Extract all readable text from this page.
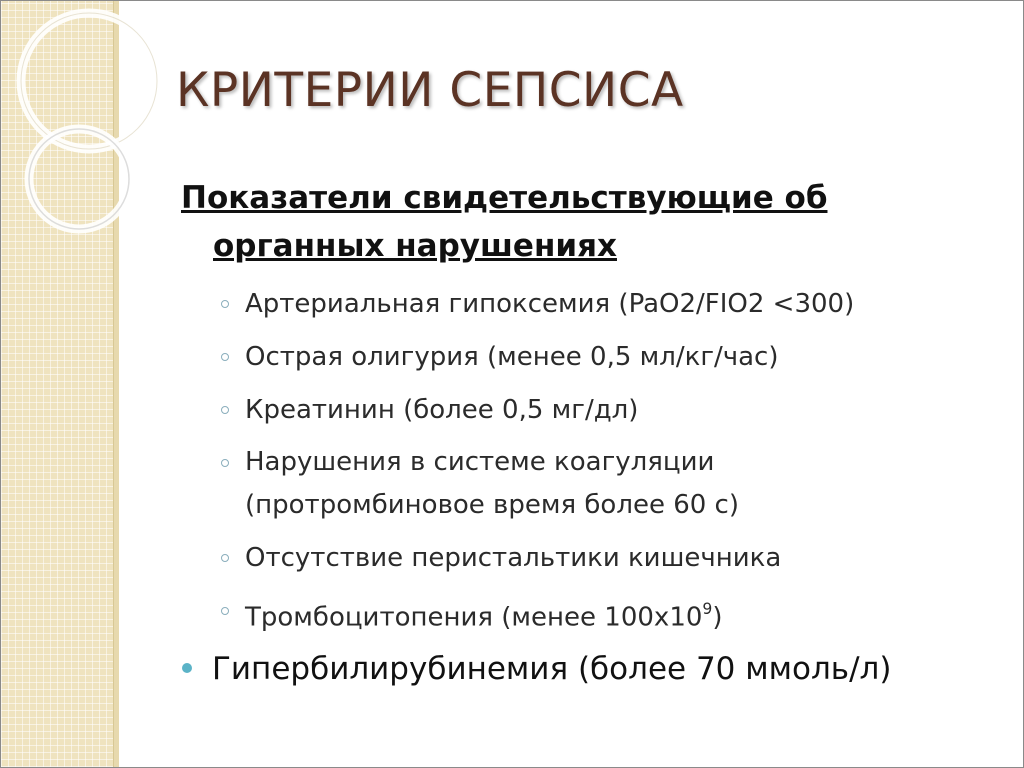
КРИТЕРИИ СЕПСИСА
Показатели свидетельствующие об
органных нарушениях
Артериальная гипоксемия (PaO2/FIO2 <300)
Острая олигурия (менее 0,5 мл/кг/час)
Креатинин (более 0,5 мг/дл)
Нарушения в системе коагуляции
(протромбиновое время более 60 с)
Отсутствие перистальтики кишечника
Тромбоцитопения (менее $100х10^9$)
Гипербилирубинемия (более 70 ммоль/л)
